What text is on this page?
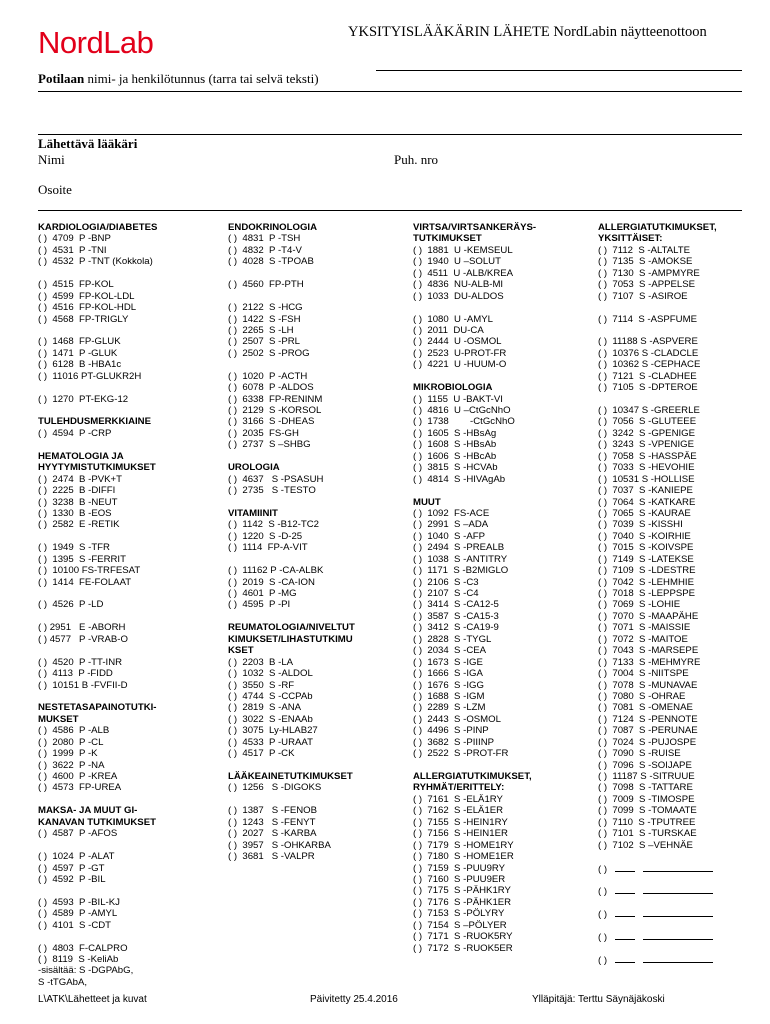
NordLab	YKSITYISLÄÄKÄRIN LÄHETE NordLabin näytteenottoon
Potilaan nimi- ja henkilötunnus (tarra tai selvä teksti)
Lähettävä lääkäri
Nimi	Puh. nro
Osoite
KARDIOLOGIA/DIABETES
( )  4709  P -BNP
( )  4531  P -TNI
( )  4532  P -TNT (Kokkola)
( )  4515  FP-KOL
( )  4599  FP-KOL-LDL
( )  4516  FP-KOL-HDL
( )  4568  FP-TRIGLY
( )  1468  FP-GLUK
( )  1471  P -GLUK
( )  6128  B -HBA1c
( )  11016 PT-GLUKR2H
( )  1270  PT-EKG-12
TULEHDUSMERKKIAINE
( )  4594  P -CRP
HEMATOLOGIA JA
HYYTYMISTUTKIMUKSET
( )  2474  B -PVK+T
( )  2225  B -DIFFI
( )  3238  B -NEUT
( )  1330  B -EOS
( )  2582  E -RETIK
( )  1949  S -TFR
( )  1395  S -FERRIT
( )  10100 FS-TRFESAT
( )  1414  FE-FOLAAT
( )  4526  P -LD
( ) 2951   E -ABORH
( ) 4577   P -VRAB-O
( )  4520  P -TT-INR
( )  4113  P -FIDD
( )  10151 B -FVFII-D
NESTETASAPAINOTUTKI-
MUKSET
( )  4586  P -ALB
( )  2080  P -CL
( )  1999  P -K
( )  3622  P -NA
( )  4600  P -KREA
( )  4573  FP-UREA
MAKSA- JA MUUT GI-
KANAVAN TUTKIMUKSET
( )  4587  P -AFOS
( )  1024  P -ALAT
( )  4597  P -GT
( )  4592  P -BIL
( )  4593  P -BIL-KJ
( )  4589  P -AMYL
( )  4101  S -CDT
( )  4803  F-CALPRO
( )  8119  S -KeliAb
-sisältää: S -DGPAbG,
S -tTGAbA,
ENDOKRINOLOGIA
( )  4831  P -TSH
( )  4832  P -T4-V
( )  4028  S -TPOAB
( )  4560  FP-PTH
( )  2122  S -HCG
( )  1422  S -FSH
( )  2265  S -LH
( )  2507  S -PRL
( )  2502  S -PROG
( )  1020  P -ACTH
( )  6078  P -ALDOS
( )  6338  FP-RENINM
( )  2129  S -KORSOL
( )  3166  S -DHEAS
( )  2035  FS-GH
( )  2737  S –SHBG
UROLOGIA
( )  4637   S -PSASUH
( )  2735   S -TESTO
VITAMIINIT
( )  1142  S -B12-TC2
( )  1220  S -D-25
( )  1114  FP-A-VIT
( )  11162 P -CA-ALBK
( )  2019  S -CA-ION
( )  4601  P -MG
( )  4595  P -PI
REUMATOLOGIA/NIVELTUT
KIMUKSET/LIHASTUTKIMU
KSET
( )  2203  B -LA
( )  1032  S -ALDOL
( )  3550  S -RF
( )  4744  S -CCPAb
( )  2819  S -ANA
( )  3022  S -ENAAb
( )  3075  Ly-HLAB27
( )  4533  P -URAAT
( )  4517  P -CK
LÄÄKEAINETUTKIMUKSET
( )  1256   S -DIGOKS
( )  1387   S -FENOB
( )  1243   S -FENYT
( )  2027   S -KARBA
( )  3957   S -OHKARBA
( )  3681   S -VALPR
VIRTSA/VIRTSANKERÄYS-
TUTKIMUKSET
( )  1881  U -KEMSEUL
( )  1940  U –SOLUT
( )  4511  U -ALB/KREA
( )  4836  NU-ALB-MI
( )  1033  DU-ALDOS
( )  1080  U -AMYL
( )  2011  DU-CA
( )  2444  U -OSMOL
( )  2523  U-PROT-FR
( )  4221  U -HUUM-O
MIKROBIOLOGIA
( )  1155  U -BAKT-VI
( )  4816  U –CtGcNhO
( )  1738        -CtGcNhO
( )  1605  S -HBsAg
( )  1608  S -HBsAb
( )  1606  S -HBcAb
( )  3815  S -HCVAb
( )  4814  S -HIVAgAb
MUUT
( )  1092  FS-ACE
( )  2991  S –ADA
( )  1040  S -AFP
( )  2494  S -PREALB
( )  1038  S -ANTITRY
( )  1171  S -B2MIGLO
( )  2106  S -C3
( )  2107  S -C4
( )  3414  S -CA12-5
( )  3587  S -CA15-3
( )  3412  S -CA19-9
( )  2828  S -TYGL
( )  2034  S -CEA
( )  1673  S -IGE
( )  1666  S -IGA
( )  1676  S -IGG
( )  1688  S -IGM
( )  2289  S -LZM
( )  2443  S -OSMOL
( )  4496  S -PINP
( )  3682  S -PIIINP
( )  2522  S -PROT-FR
ALLERGIATUTKIMUKSET,
RYHMÄT/ERITTELY:
( )  7161  S -ELÄ1RY
( )  7162  S -ELÄ1ER
( )  7155  S -HEIN1RY
( )  7156  S -HEIN1ER
( )  7179  S -HOME1RY
( )  7180  S -HOME1ER
( )  7159  S -PUU9RY
( )  7160  S -PUU9ER
( )  7175  S -PÄHK1RY
( )  7176  S -PÄHK1ER
( )  7153  S -PÖLYRY
( )  7154  S –PÖLYER
( )  7171  S -RUOK5RY
( )  7172  S -RUOK5ER
ALLERGIATUTKIMUKSET,
YKSITTÄISET:
( )  7112  S -ALTALTE
( )  7135  S -AMOKSE
( )  7130  S -AMPMYRE
( )  7053  S -APPELSE
( )  7107  S -ASIROE
( )  7114  S -ASPFUME
( )  11188 S -ASPVERE
( )  10376 S -CLADCLE
( )  10362 S -CEPHACE
( )  7121  S -CLADHEE
( )  7105  S -DPTEROE
( )  10347 S -GREERLE
( )  7056  S -GLUTEEE
( )  3242  S -GPENIGE
( )  3243  S -VPENIGE
( )  7058  S -HASSPÄE
( )  7033  S -HEVOHIE
( )  10531 S -HOLLISE
( )  7037  S -KANIEPE
( )  7064  S -KATKARE
( )  7065  S -KAURAE
( )  7039  S -KISSHI
( )  7040  S -KOIRHIE
( )  7015  S -KOIVSPE
( )  7149  S -LATEKSE
( )  7109  S -LDESTRE
( )  7042  S -LEHMHIE
( )  7018  S -LEPPSPE
( )  7069  S -LOHIE
( )  7070  S -MAAPÄHE
( )  7071  S -MAISSIE
( )  7072  S -MAITOE
( )  7043  S -MARSEPE
( )  7133  S -MEHMYRE
( )  7004  S -NIITSPE
( )  7078  S -MUNAVAE
( )  7080  S -OHRAE
( )  7081  S -OMENAE
( )  7124  S -PENNOTE
( )  7087  S -PERUNAE
( )  7024  S -PUJOSPE
( )  7090  S -RUISE
( )  7096  S -SOIJAPE
( )  11187 S -SITRUUE
( )  7098  S -TATTARE
( )  7009  S -TIMOSPE
( )  7099  S -TOMAATE
( )  7110  S -TPUTREE
( )  7101  S -TURSKAE
( )  7102  S –VEHNÄE
( )
( )
( )
( )
( )
L\ATK\Lähetteet ja kuvat	Päivitetty 25.4.2016	Ylläpitäjä: Terttu Säynäjäkoski
